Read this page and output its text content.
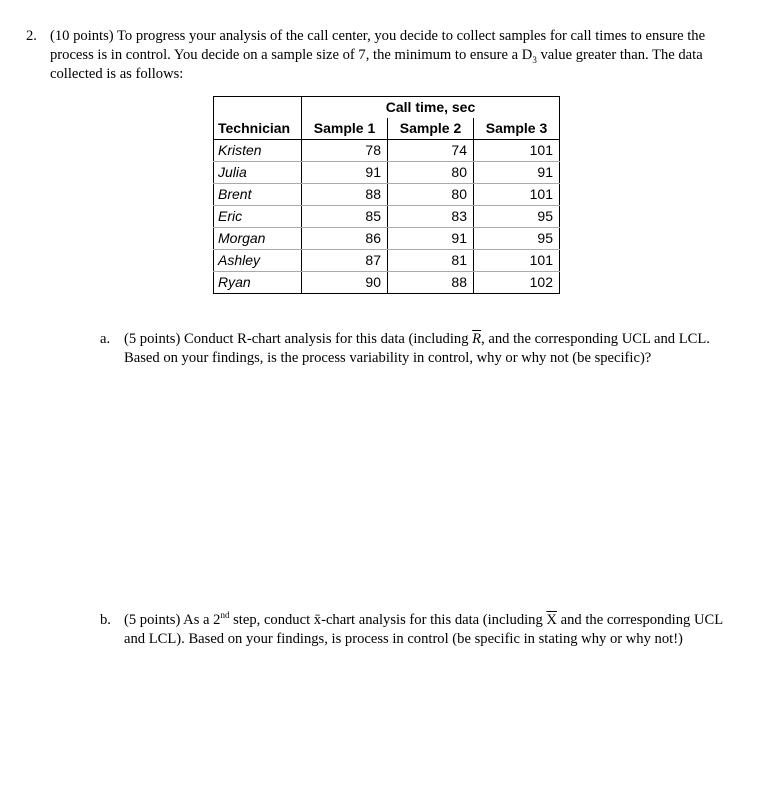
2. (10 points) To progress your analysis of the call center, you decide to collect samples for call times to ensure the process is in control. You decide on a sample size of 7, the minimum to ensure a $D_3$ value greater than. The data collected is as follows:
	Call time, sec		
Technician	Sample 1	Sample 2	Sample 3
Kristen	78	74	101
Julia	91	80	91
Brent	88	80	101
Eric	85	83	95
Morgan	86	91	95
Ashley	87	81	101
Ryan	90	88	102
a. (5 points) Conduct R-chart analysis for this data (including $\overline{R}$, and the corresponding UCL and LCL. Based on your findings, is the process variability in control, why or why not (be specific)?
b. (5 points) As a 2nd step, conduct x̄-chart analysis for this data (including $\overline{X}$ and the corresponding UCL and LCL). Based on your findings, is process in control (be specific in stating why or why not!)
